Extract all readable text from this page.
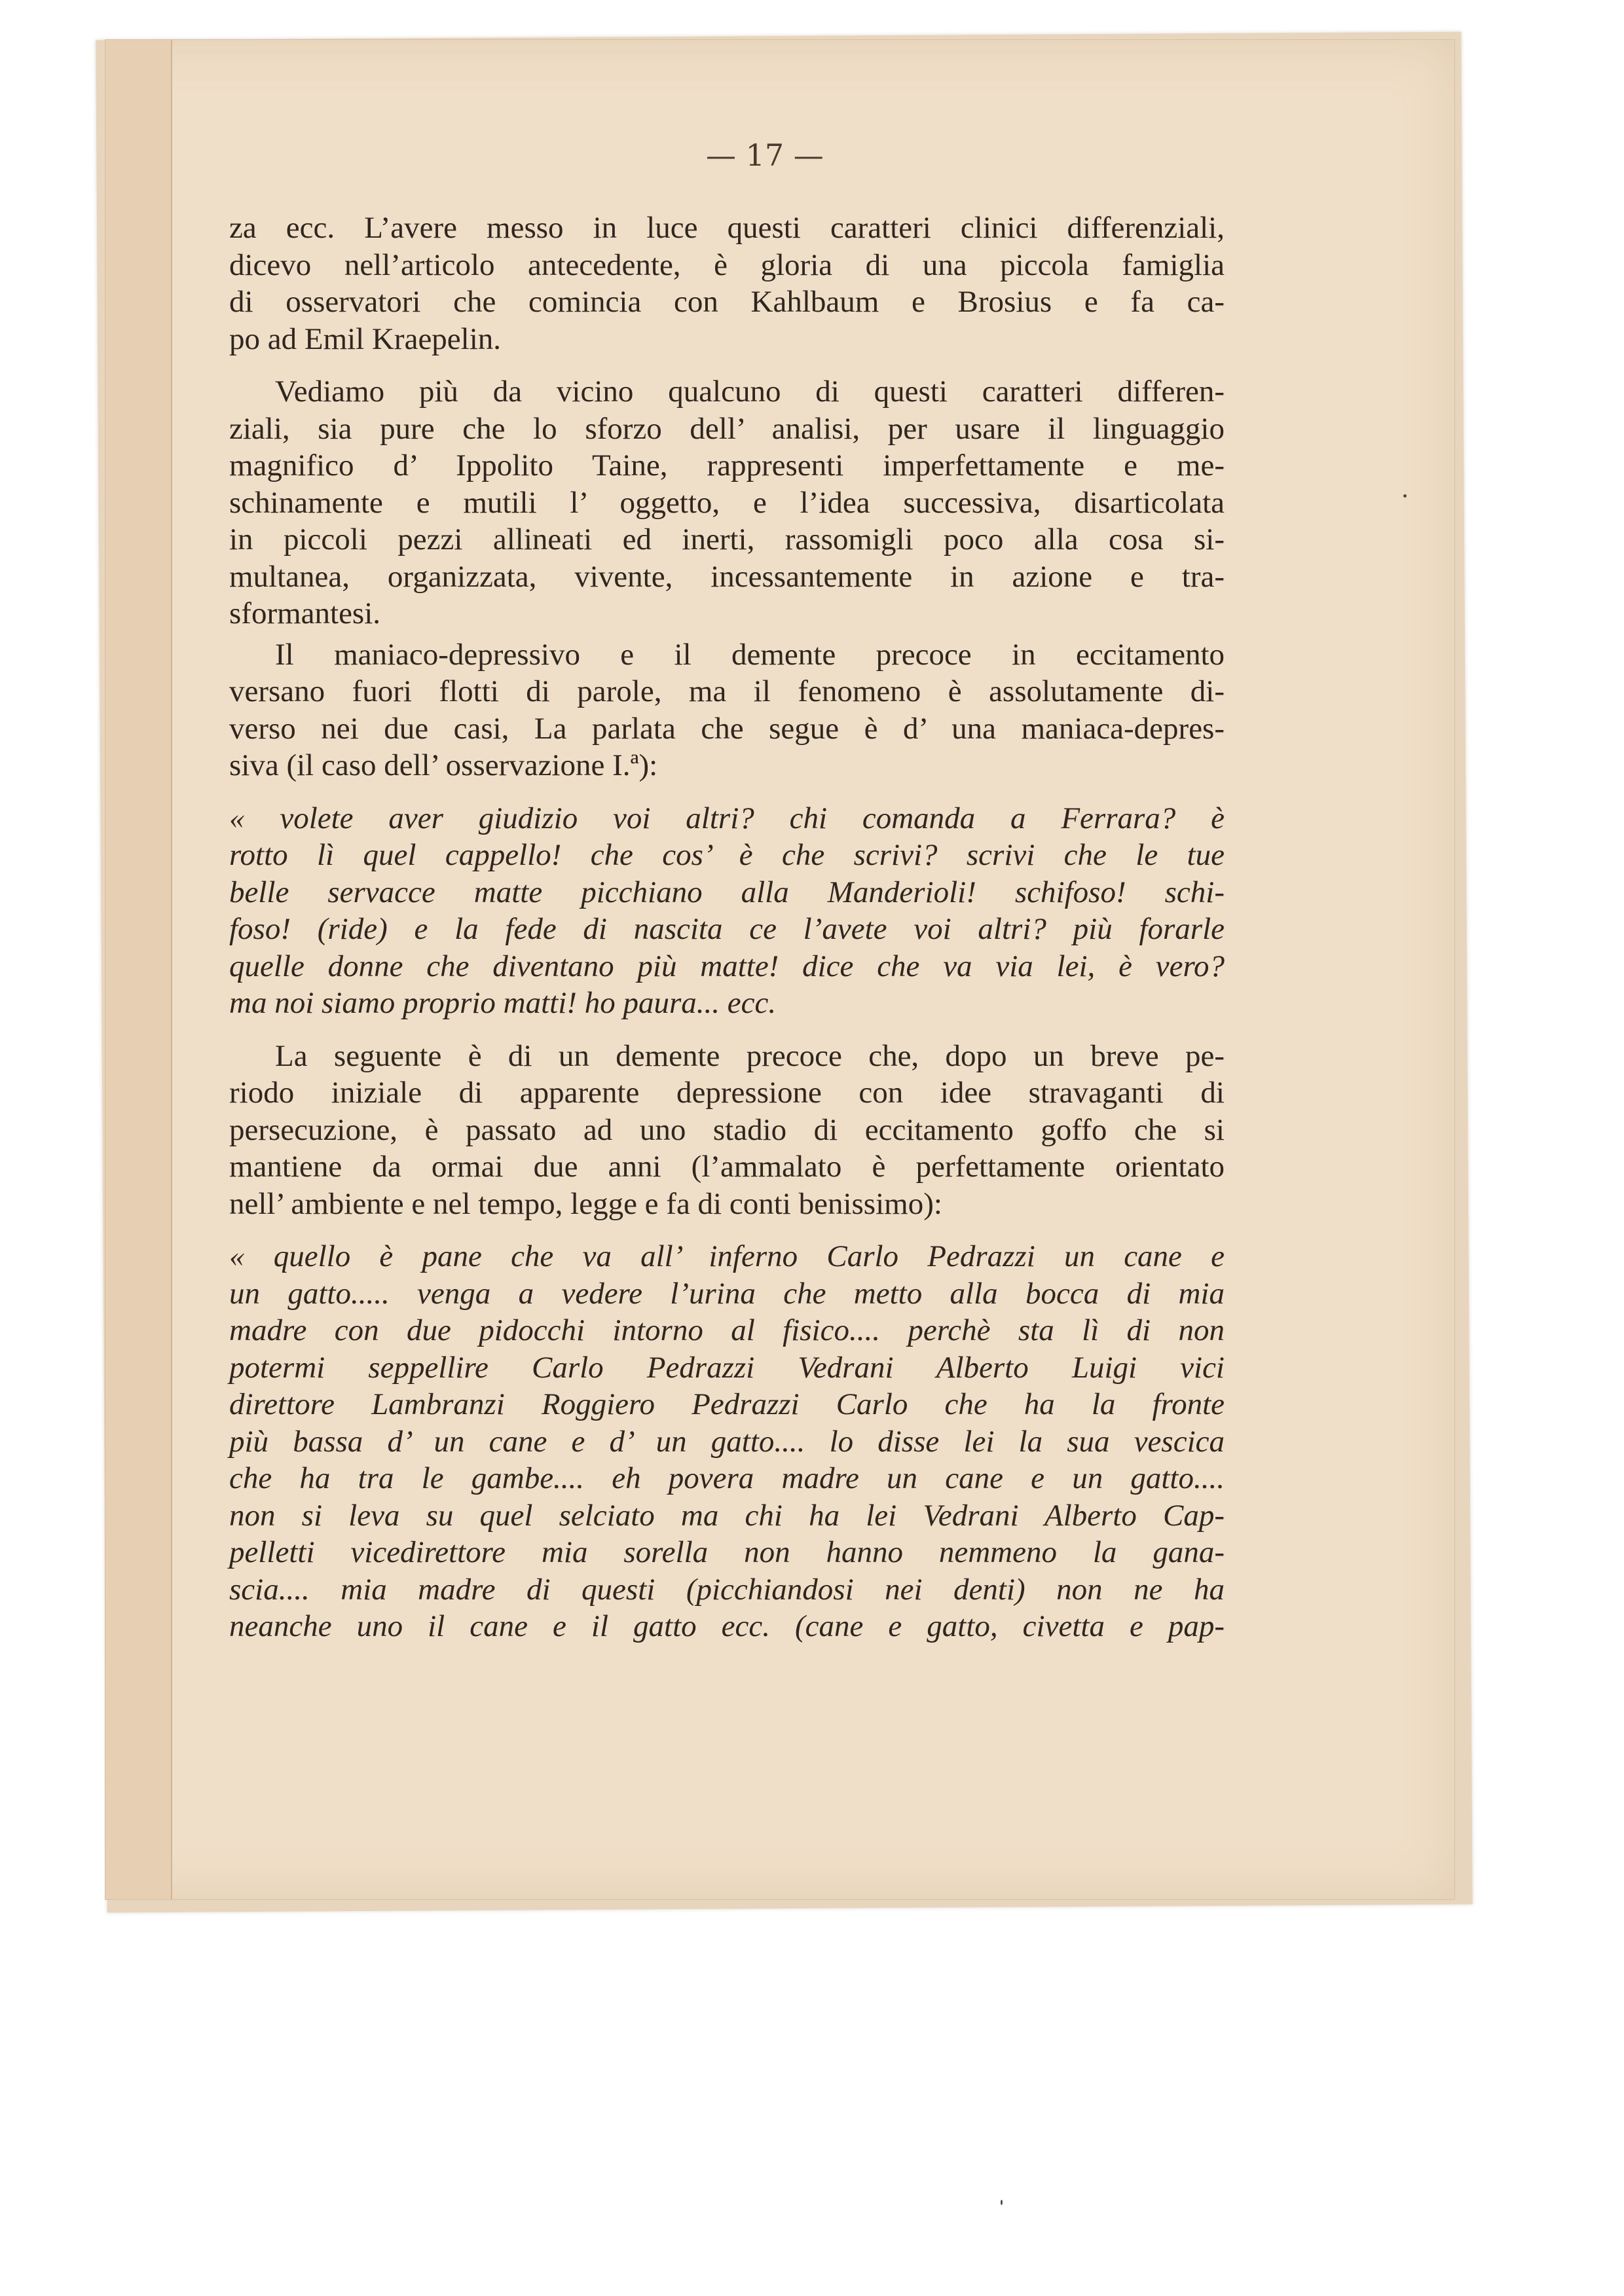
— 17 —

za ecc. L’avere messo in luce questi caratteri clinici differenziali,
dicevo nell’articolo antecedente, è gloria di una piccola famiglia
di osservatori che comincia con Kahlbaum e Brosius e fa ca-
po ad Emil Kraepelin.

Vediamo più da vicino qualcuno di questi caratteri differen-
ziali, sia pure che lo sforzo dell’ analisi, per usare il linguaggio
magnifico d’ Ippolito Taine, rappresenti imperfettamente e me-
schinamente e mutili l’ oggetto, e l’idea successiva, disarticolata
in piccoli pezzi allineati ed inerti, rassomigli poco alla cosa si-
multanea, organizzata, vivente, incessantemente in azione e tra-
sformantesi.

Il maniaco-depressivo e il demente precoce in eccitamento
versano fuori flotti di parole, ma il fenomeno è assolutamente di-
verso nei due casi, La parlata che segue è d’ una maniaca-depres-
siva (il caso dell’ osservazione I.ª):

« volete aver giudizio voi altri? chi comanda a Ferrara? è
rotto lì quel cappello! che cos’ è che scrivi? scrivi che le tue
belle servacce matte picchiano alla Manderioli! schifoso! schi-
foso! (ride) e la fede di nascita ce l’avete voi altri? più forarle
quelle donne che diventano più matte! dice che va via lei, è vero?
ma noi siamo proprio matti! ho paura... ecc.

La seguente è di un demente precoce che, dopo un breve pe-
riodo iniziale di apparente depressione con idee stravaganti di
persecuzione, è passato ad uno stadio di eccitamento goffo che si
mantiene da ormai due anni (l’ammalato è perfettamente orientato
nell’ ambiente e nel tempo, legge e fa di conti benissimo):

« quello è pane che va all’ inferno Carlo Pedrazzi un cane e
un gatto..... venga a vedere l’urina che metto alla bocca di mia
madre con due pidocchi intorno al fisico.... perchè sta lì di non
potermi seppellire Carlo Pedrazzi Vedrani Alberto Luigi vici
direttore Lambranzi Roggiero Pedrazzi Carlo che ha la fronte
più bassa d’ un cane e d’ un gatto.... lo disse lei la sua vescica
che ha tra le gambe.... eh povera madre un cane e un gatto....
non si leva su quel selciato ma chi ha lei Vedrani Alberto Cap-
pelletti vicedirettore mia sorella non hanno nemmeno la gana-
scia.... mia madre di questi (picchiandosi nei denti) non ne ha
neanche uno il cane e il gatto ecc. (cane e gatto, civetta e pap-
